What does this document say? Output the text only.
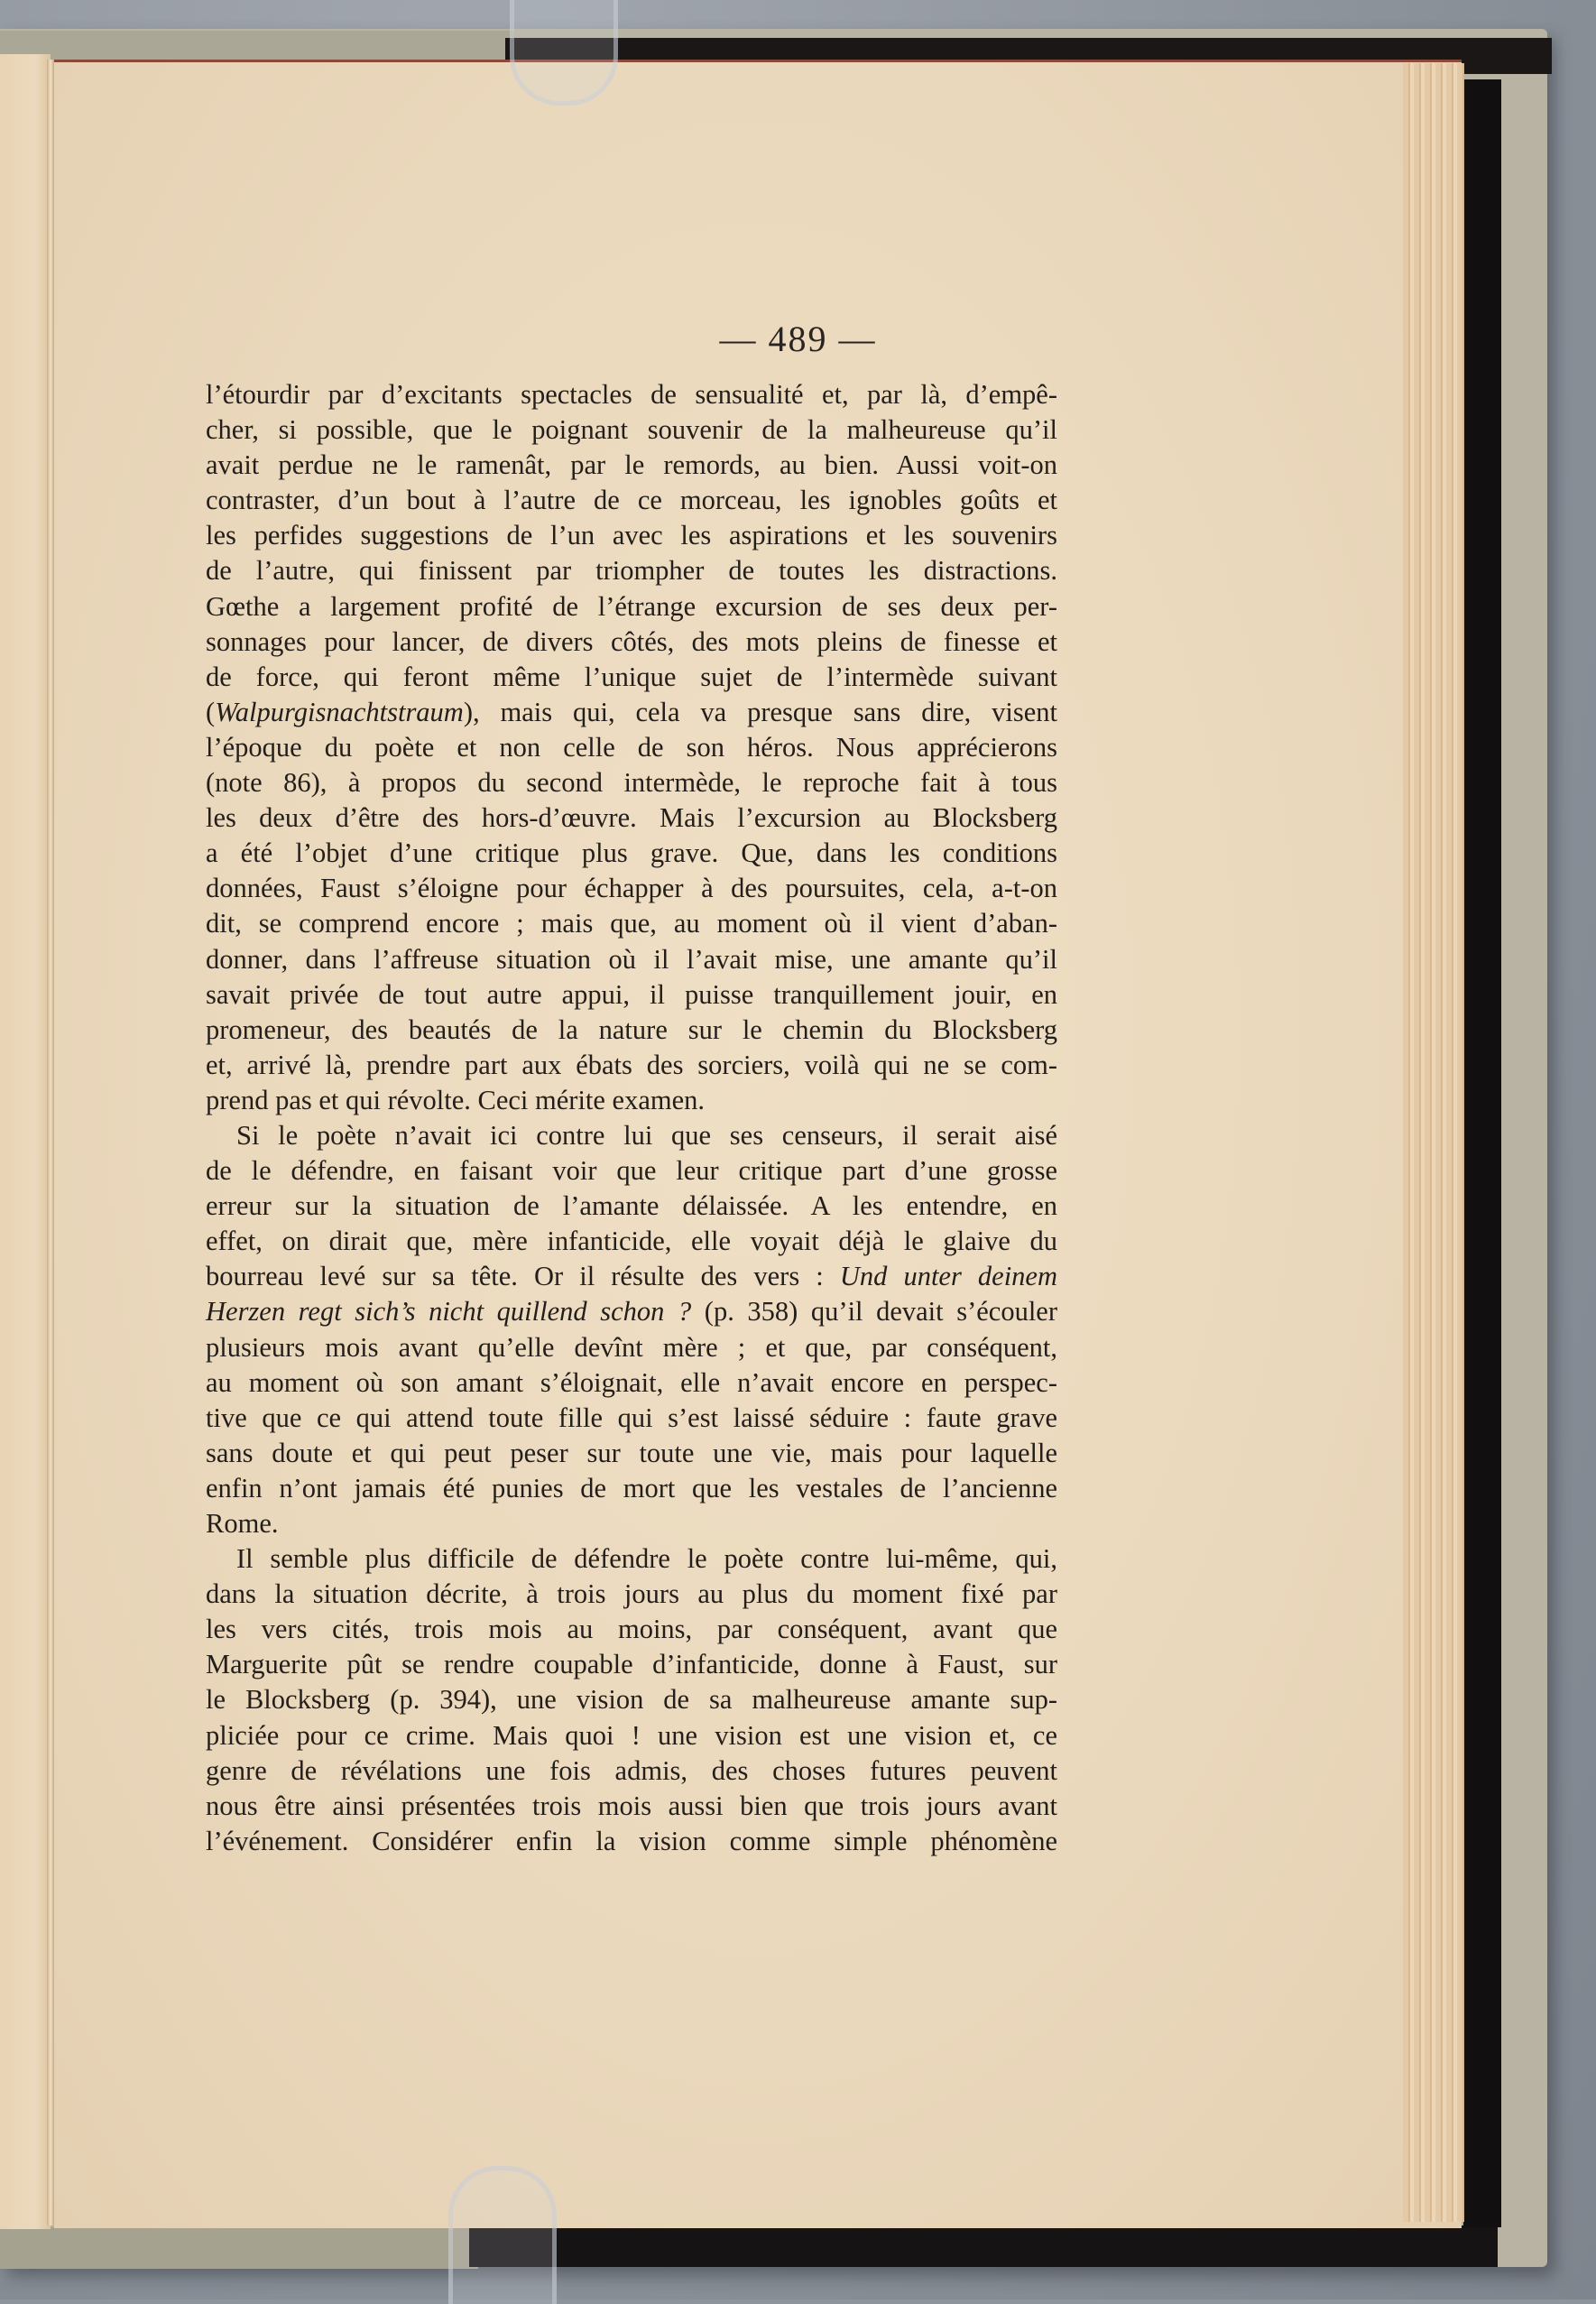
— 489 —
l’étourdir par d’excitants spectacles de sensualité et, par là, d’empê-
cher, si possible, que le poignant souvenir de la malheureuse qu’il
avait perdue ne le ramenât, par le remords, au bien. Aussi voit-on
contraster, d’un bout à l’autre de ce morceau, les ignobles goûts et
les perfides suggestions de l’un avec les aspirations et les souvenirs
de l’autre, qui finissent par triompher de toutes les distractions.
Gœthe a largement profité de l’étrange excursion de ses deux per-
sonnages pour lancer, de divers côtés, des mots pleins de finesse et
de force, qui feront même l’unique sujet de l’intermède suivant
(Walpurgisnachtstraum), mais qui, cela va presque sans dire, visent
l’époque du poète et non celle de son héros. Nous apprécierons
(note 86), à propos du second intermède, le reproche fait à tous
les deux d’être des hors-d’œuvre. Mais l’excursion au Blocksberg
a été l’objet d’une critique plus grave. Que, dans les conditions
données, Faust s’éloigne pour échapper à des poursuites, cela, a-t-on
dit, se comprend encore ; mais que, au moment où il vient d’aban-
donner, dans l’affreuse situation où il l’avait mise, une amante qu’il
savait privée de tout autre appui, il puisse tranquillement jouir, en
promeneur, des beautés de la nature sur le chemin du Blocksberg
et, arrivé là, prendre part aux ébats des sorciers, voilà qui ne se com-
prend pas et qui révolte. Ceci mérite examen.
Si le poète n’avait ici contre lui que ses censeurs, il serait aisé
de le défendre, en faisant voir que leur critique part d’une grosse
erreur sur la situation de l’amante délaissée. A les entendre, en
effet, on dirait que, mère infanticide, elle voyait déjà le glaive du
bourreau levé sur sa tête. Or il résulte des vers : Und unter deinem
Herzen regt sich’s nicht quillend schon ? (p. 358) qu’il devait s’écouler
plusieurs mois avant qu’elle devînt mère ; et que, par conséquent,
au moment où son amant s’éloignait, elle n’avait encore en perspec-
tive que ce qui attend toute fille qui s’est laissé séduire : faute grave
sans doute et qui peut peser sur toute une vie, mais pour laquelle
enfin n’ont jamais été punies de mort que les vestales de l’ancienne
Rome.
Il semble plus difficile de défendre le poète contre lui-même, qui,
dans la situation décrite, à trois jours au plus du moment fixé par
les vers cités, trois mois au moins, par conséquent, avant que
Marguerite pût se rendre coupable d’infanticide, donne à Faust, sur
le Blocksberg (p. 394), une vision de sa malheureuse amante sup-
pliciée pour ce crime. Mais quoi ! une vision est une vision et, ce
genre de révélations une fois admis, des choses futures peuvent
nous être ainsi présentées trois mois aussi bien que trois jours avant
l’événement. Considérer enfin la vision comme simple phénomène
